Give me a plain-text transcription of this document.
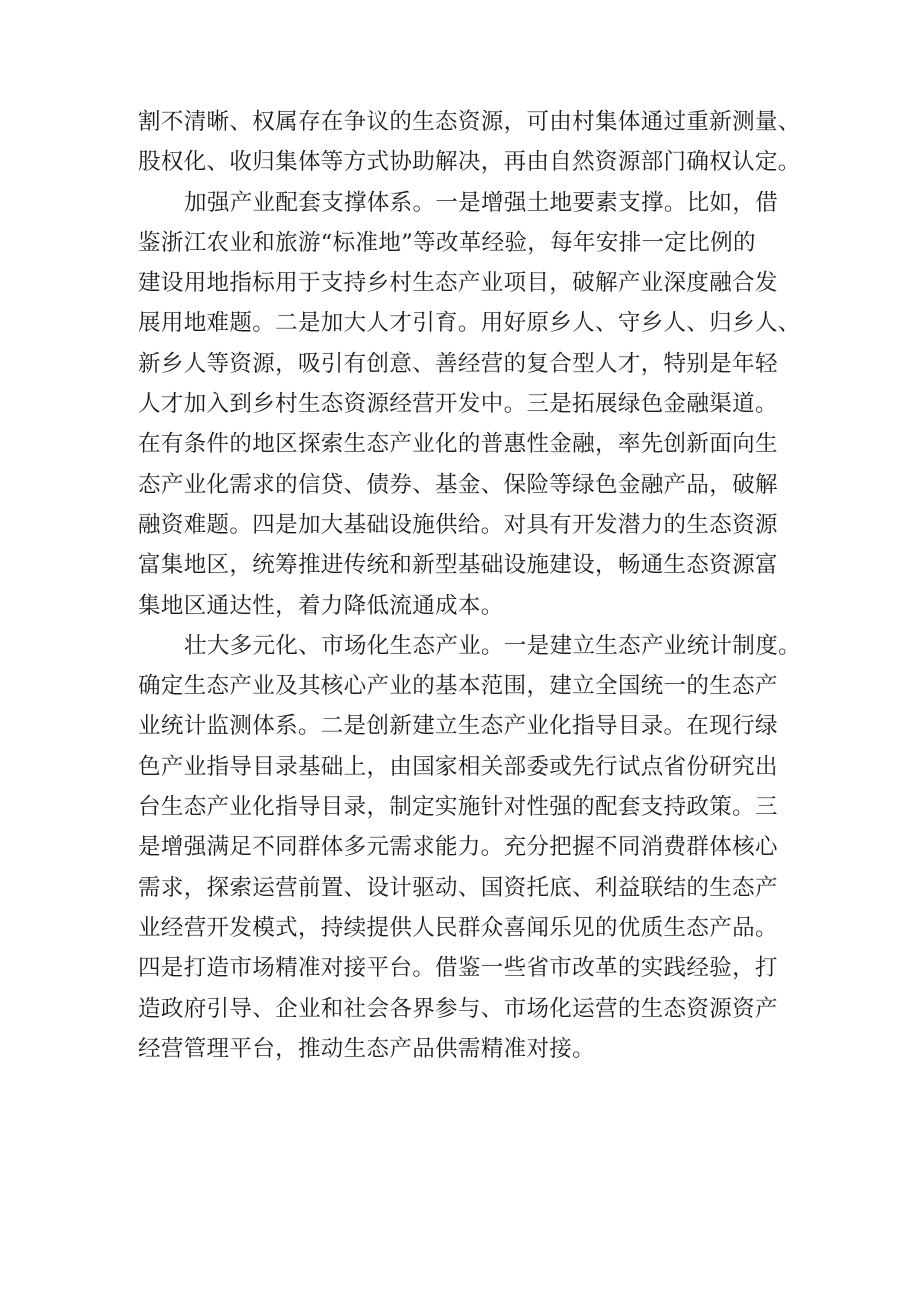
割不清晰、权属存在争议的生态资源，可由村集体通过重新测量、
股权化、收归集体等方式协助解决，再由自然资源部门确权认定。
加强产业配套支撑体系。一是增强土地要素支撑。比如，借
鉴浙江农业和旅游“标准地”等改革经验，每年安排一定比例的
建设用地指标用于支持乡村生态产业项目，破解产业深度融合发
展用地难题。二是加大人才引育。用好原乡人、守乡人、归乡人、
新乡人等资源，吸引有创意、善经营的复合型人才，特别是年轻
人才加入到乡村生态资源经营开发中。三是拓展绿色金融渠道。
在有条件的地区探索生态产业化的普惠性金融，率先创新面向生
态产业化需求的信贷、债券、基金、保险等绿色金融产品，破解
融资难题。四是加大基础设施供给。对具有开发潜力的生态资源
富集地区，统筹推进传统和新型基础设施建设，畅通生态资源富
集地区通达性，着力降低流通成本。
壮大多元化、市场化生态产业。一是建立生态产业统计制度。
确定生态产业及其核心产业的基本范围，建立全国统一的生态产
业统计监测体系。二是创新建立生态产业化指导目录。在现行绿
色产业指导目录基础上，由国家相关部委或先行试点省份研究出
台生态产业化指导目录，制定实施针对性强的配套支持政策。三
是增强满足不同群体多元需求能力。充分把握不同消费群体核心
需求，探索运营前置、设计驱动、国资托底、利益联结的生态产
业经营开发模式，持续提供人民群众喜闻乐见的优质生态产品。
四是打造市场精准对接平台。借鉴一些省市改革的实践经验，打
造政府引导、企业和社会各界参与、市场化运营的生态资源资产
经营管理平台，推动生态产品供需精准对接。
